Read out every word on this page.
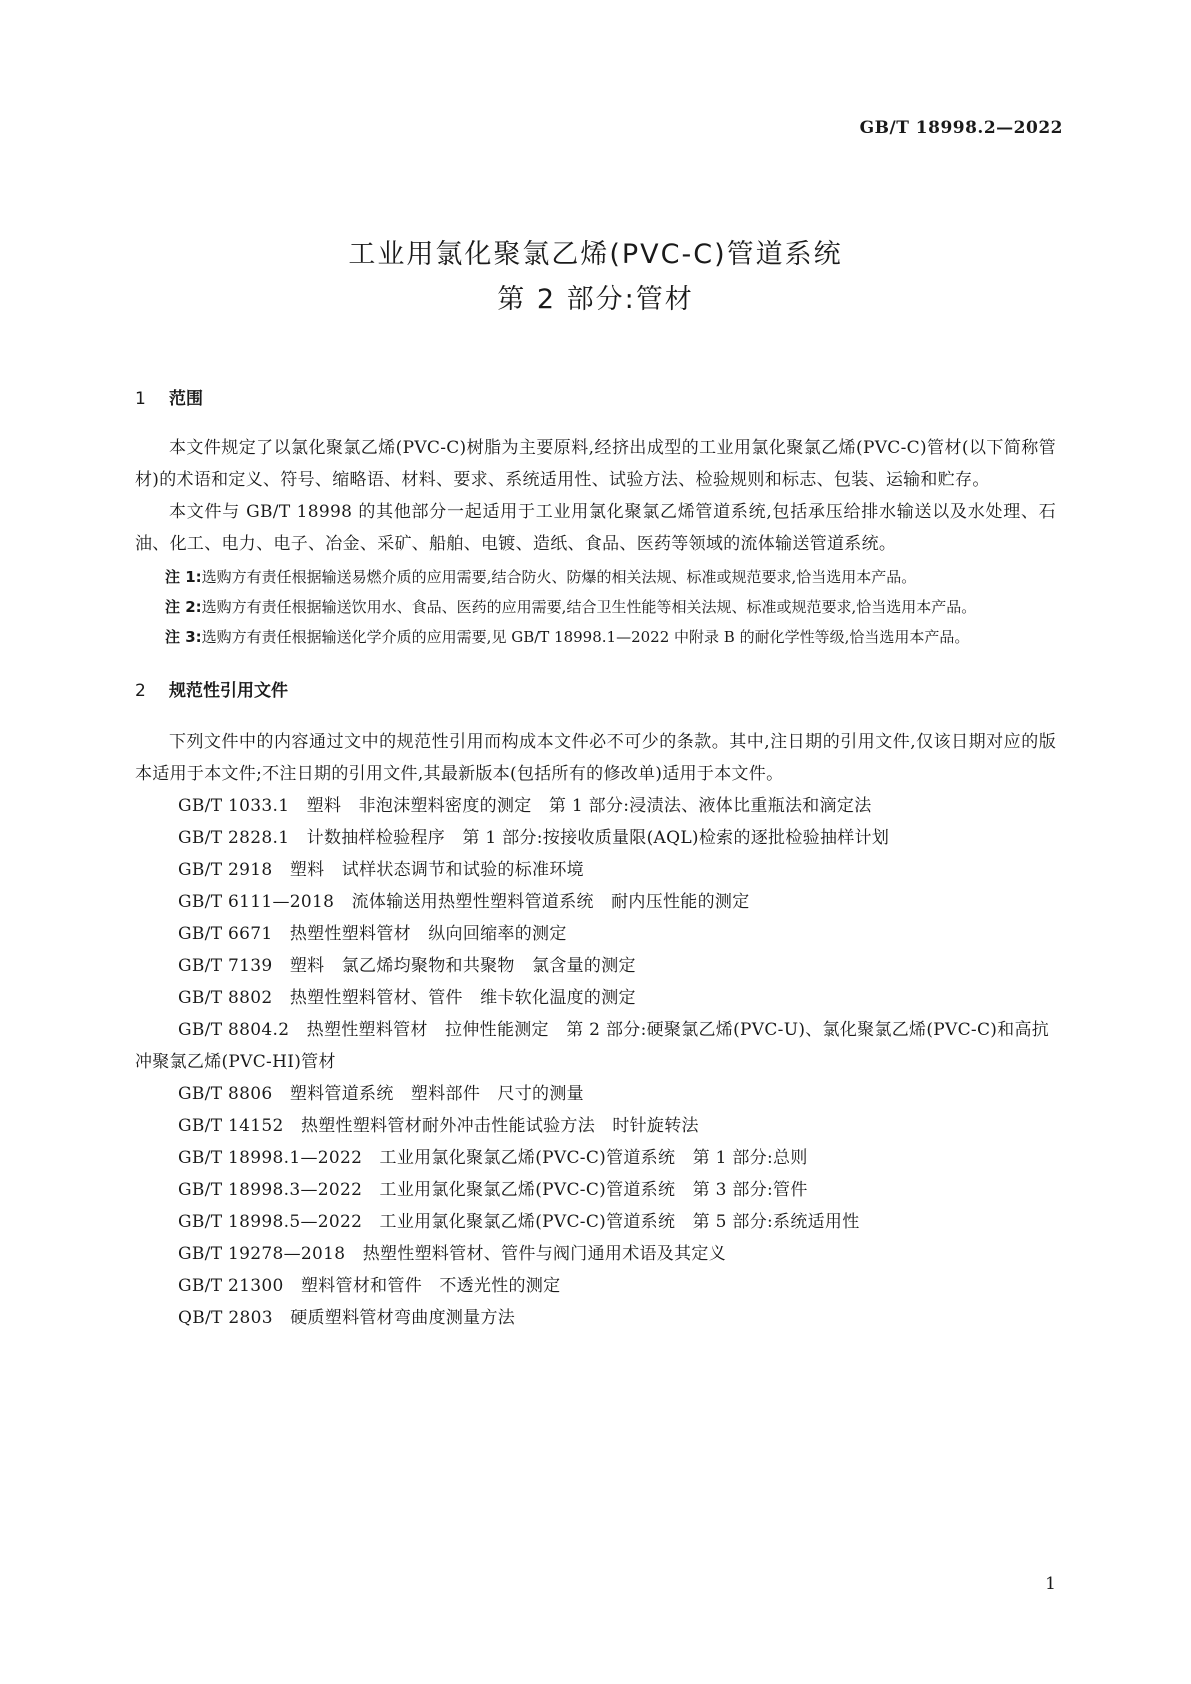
GB/T 18998.2—2022
工业用氯化聚氯乙烯(PVC-C)管道系统
第 2 部分:管材
1 范围
本文件规定了以氯化聚氯乙烯(PVC-C)树脂为主要原料,经挤出成型的工业用氯化聚氯乙烯(PVC-C)管材(以下简称管材)的术语和定义、符号、缩略语、材料、要求、系统适用性、试验方法、检验规则和标志、包装、运输和贮存。
本文件与 GB/T 18998 的其他部分一起适用于工业用氯化聚氯乙烯管道系统,包括承压给排水输送以及水处理、石油、化工、电力、电子、冶金、采矿、船舶、电镀、造纸、食品、医药等领域的流体输送管道系统。
注 1:选购方有责任根据输送易燃介质的应用需要,结合防火、防爆的相关法规、标准或规范要求,恰当选用本产品。
注 2:选购方有责任根据输送饮用水、食品、医药的应用需要,结合卫生性能等相关法规、标准或规范要求,恰当选用本产品。
注 3:选购方有责任根据输送化学介质的应用需要,见 GB/T 18998.1—2022 中附录 B 的耐化学性等级,恰当选用本产品。
2 规范性引用文件
下列文件中的内容通过文中的规范性引用而构成本文件必不可少的条款。其中,注日期的引用文件,仅该日期对应的版本适用于本文件;不注日期的引用文件,其最新版本(包括所有的修改单)适用于本文件。
GB/T 1033.1　 塑料　非泡沫塑料密度的测定　第 1 部分:浸渍法、液体比重瓶法和滴定法
GB/T 2828.1　 计数抽样检验程序　第 1 部分:按接收质量限(AQL)检索的逐批检验抽样计划
GB/T 2918　 塑料　试样状态调节和试验的标准环境
GB/T 6111—2018　 流体输送用热塑性塑料管道系统　耐内压性能的测定
GB/T 6671　 热塑性塑料管材　纵向回缩率的测定
GB/T 7139　 塑料　氯乙烯均聚物和共聚物　氯含量的测定
GB/T 8802　 热塑性塑料管材、管件　维卡软化温度的测定
GB/T 8804.2　 热塑性塑料管材　拉伸性能测定　第 2 部分:硬聚氯乙烯(PVC-U)、氯化聚氯乙烯(PVC-C)和高抗冲聚氯乙烯(PVC-HI)管材
GB/T 8806　 塑料管道系统　塑料部件　尺寸的测量
GB/T 14152　 热塑性塑料管材耐外冲击性能试验方法　时针旋转法
GB/T 18998.1—2022　 工业用氯化聚氯乙烯(PVC-C)管道系统　第 1 部分:总则
GB/T 18998.3—2022　 工业用氯化聚氯乙烯(PVC-C)管道系统　第 3 部分:管件
GB/T 18998.5—2022　 工业用氯化聚氯乙烯(PVC-C)管道系统　第 5 部分:系统适用性
GB/T 19278—2018　 热塑性塑料管材、管件与阀门通用术语及其定义
GB/T 21300　 塑料管材和管件　不透光性的测定
QB/T 2803　 硬质塑料管材弯曲度测量方法
1
